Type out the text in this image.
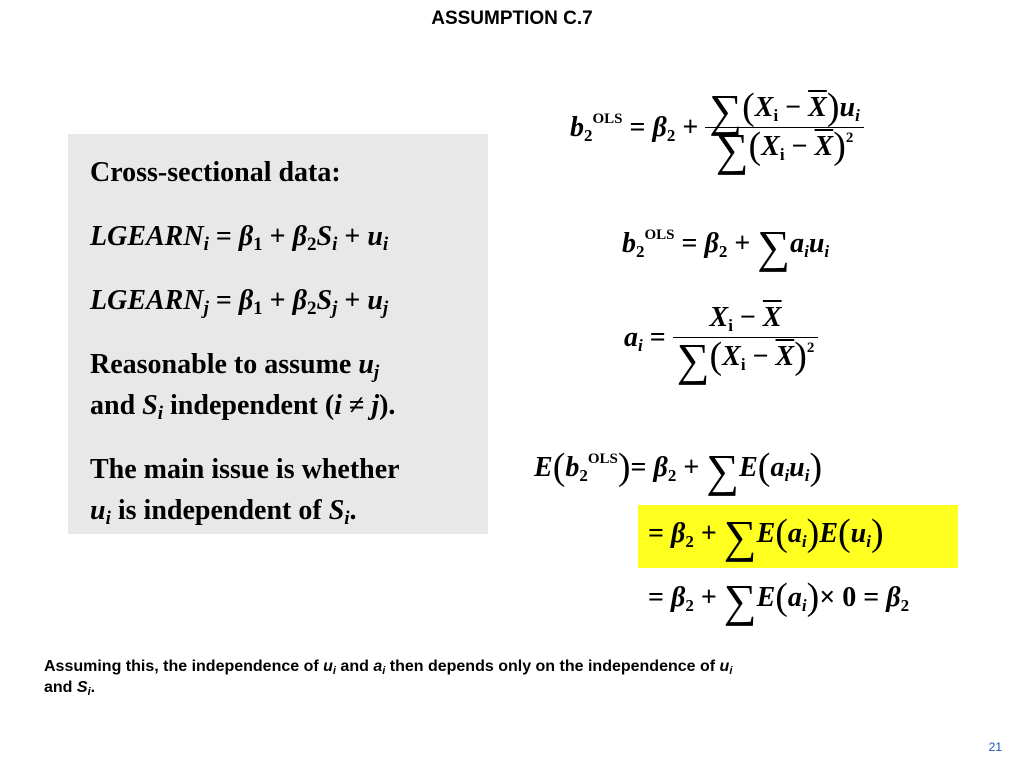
ASSUMPTION C.7

Cross-sectional data:

$LGEARN_i = \beta_1 + \beta_2S_i + u_i$

$LGEARN_j = \beta_1 + \beta_2S_j + u_j$

Reasonable to assume $u_j$
and $S_i$ independent (i ≠ j).

The main issue is whether
$u_i$ is independent of $S_i$.

$b_2^{OLS} = \beta_2 + \frac{\sum(X_i - \overline{X})u_i}{\sum(X_i - \overline{X})^2}$
$b_2^{OLS} = \beta_2 + \sum a_iu_i$
$a_i = \frac{X_i - \overline{X}}{\sum(X_i - \overline{X})^2}$
$E(b_2^{OLS})= \beta_2 + \sum E(a_iu_i)$
= $\beta_2 + \sum E(a_i)E(u_i)$
= $\beta_2 + \sum E(a_i)\times 0 = \beta_2$
Assuming this, the independence of $u_i$ and $a_i$ then depends only on the independence of $u_i$
and $S_i$.
21
